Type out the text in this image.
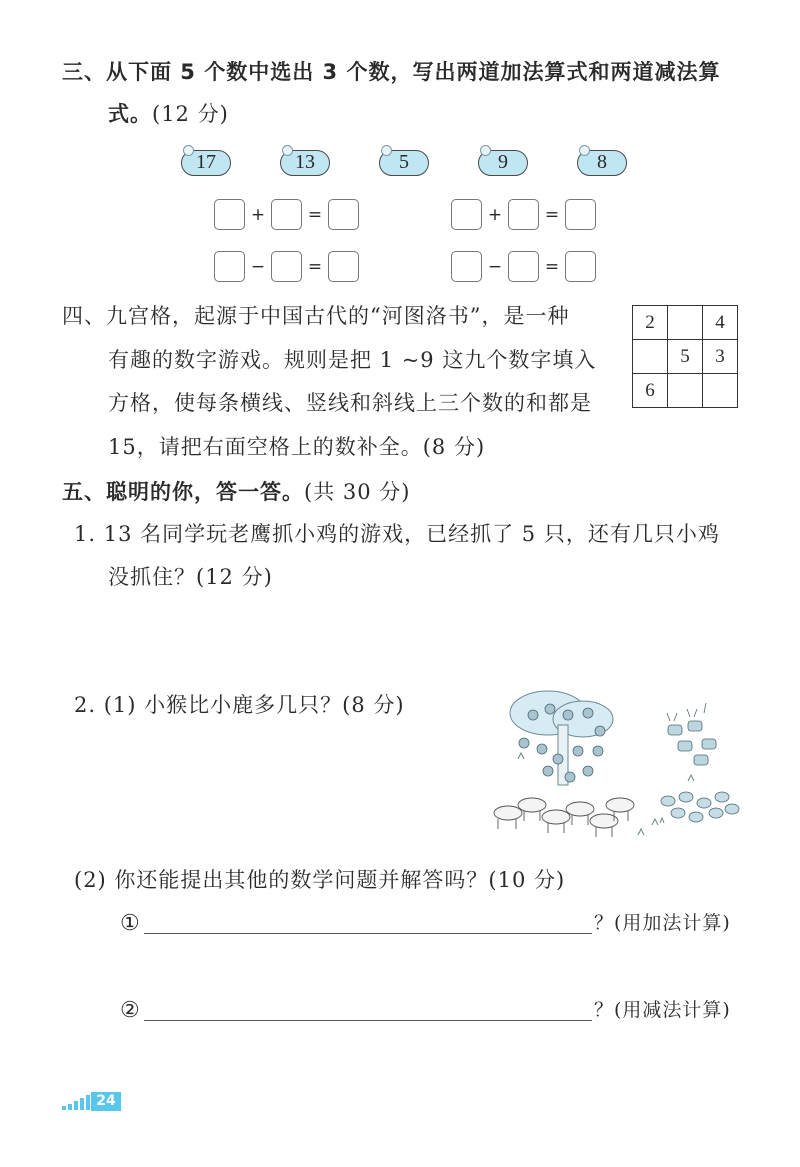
三、从下面 5 个数中选出 3 个数，写出两道加法算式和两道减法算
式。(12 分)
17	13	5	9	8
+	=	+	=
−	=	−	=
四、九宫格，起源于中国古代的“河图洛书”，是一种
有趣的数字游戏。规则是把 1 ~9 这九个数字填入
方格，使每条横线、竖线和斜线上三个数的和都是
15，请把右面空格上的数补全。(8 分)
2		4
	5	3
6		
五、聪明的你，答一答。(共 30 分)
1. 13 名同学玩老鹰抓小鸡的游戏，已经抓了 5 只，还有几只小鸡
没抓住？(12 分)
2. (1) 小猴比小鹿多几只？(8 分)
(2) 你还能提出其他的数学问题并解答吗？(10 分)
①	？(用加法计算)
②	？(用减法计算)
24
